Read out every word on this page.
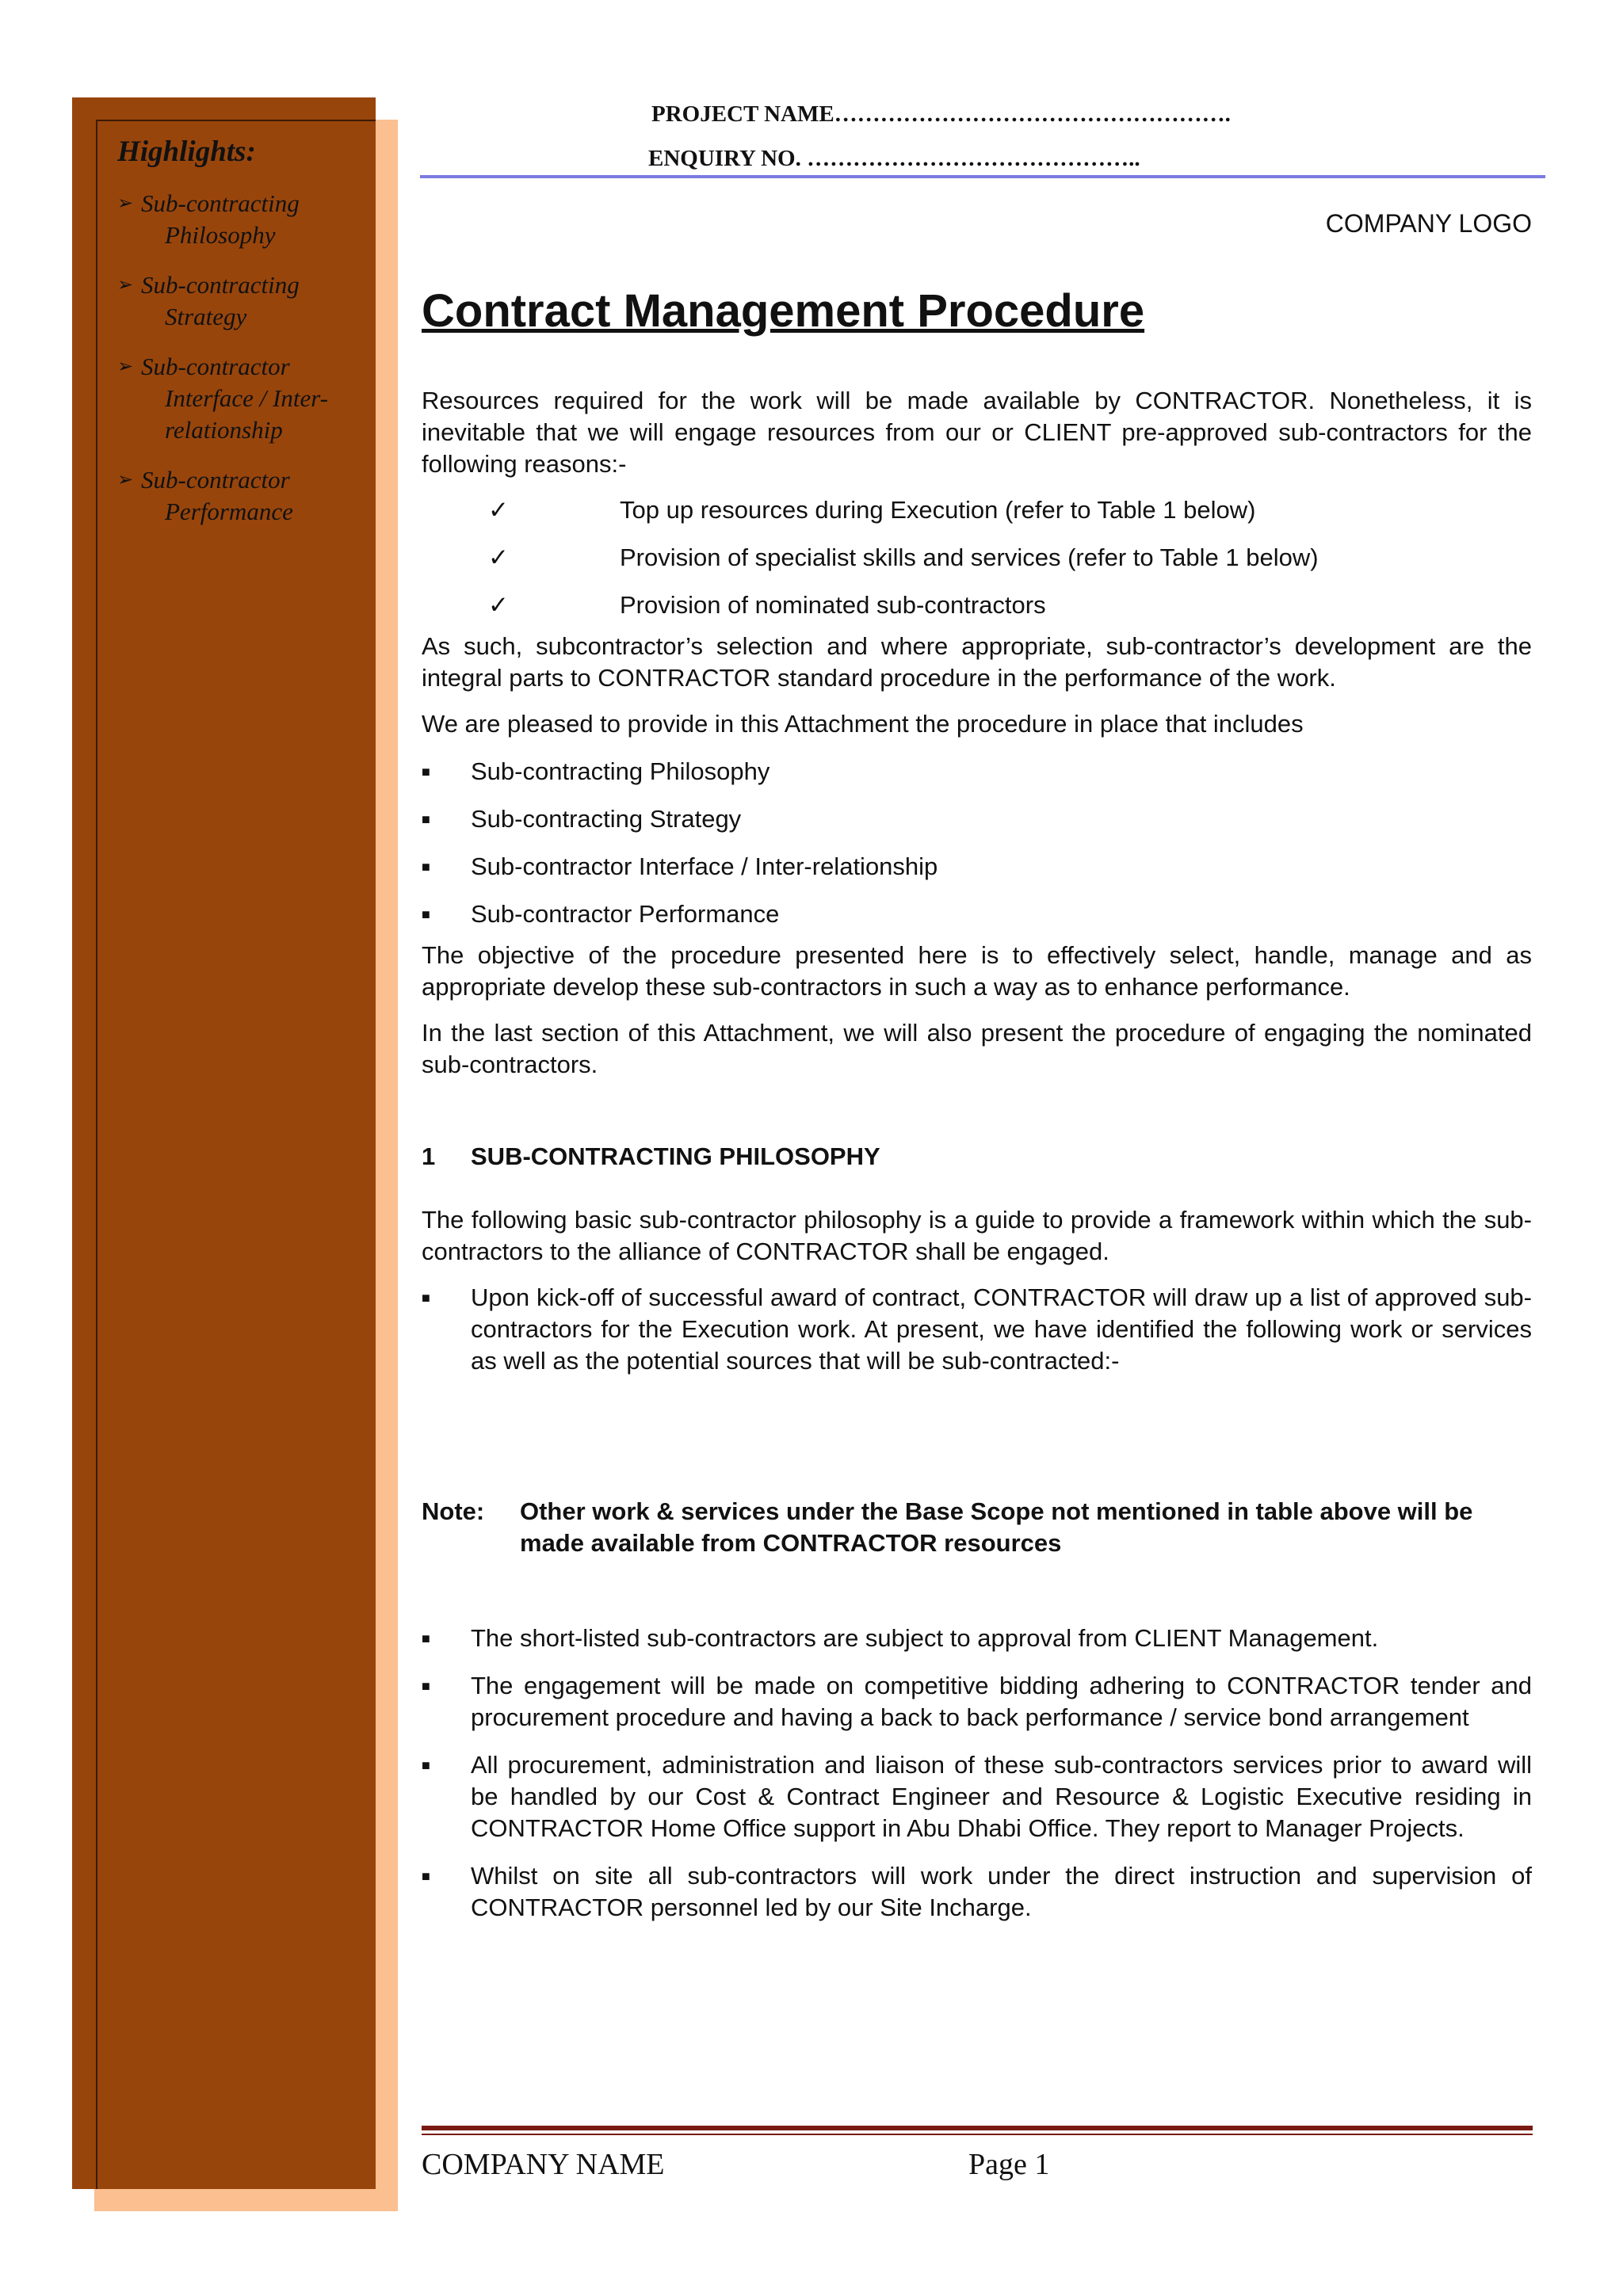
Highlights:
➢ Sub-contracting
Philosophy
➢ Sub-contracting
Strategy
➢ Sub-contractor
Interface / Inter-
relationship
➢ Sub-contractor
Performance
PROJECT NAME…………………………………………….
ENQUIRY NO. ……………………………………..
COMPANY LOGO
Contract Management Procedure

Resources required for the work will be made available by CONTRACTOR. Nonetheless, it is inevitable that we will engage resources from our or CLIENT pre-approved sub-contractors for the following reasons:-

✓	Top up resources during Execution (refer to Table 1 below)
✓	Provision of specialist skills and services (refer to Table 1 below)
✓	Provision of nominated sub-contractors

As such, subcontractor’s selection and where appropriate, sub-contractor’s development are the integral parts to CONTRACTOR standard procedure in the performance of the work.

We are pleased to provide in this Attachment the procedure in place that includes

■	Sub-contracting Philosophy
■	Sub-contracting Strategy
■	Sub-contractor Interface / Inter-relationship
■	Sub-contractor Performance

The objective of the procedure presented here is to effectively select, handle, manage and as appropriate develop these sub-contractors in such a way as to enhance performance.

In the last section of this Attachment, we will also present the procedure of engaging the nominated sub-contractors.

1	SUB-CONTRACTING PHILOSOPHY

The following basic sub-contractor philosophy is a guide to provide a framework within which the sub-contractors to the alliance of CONTRACTOR shall be engaged.

■	Upon kick-off of successful award of contract, CONTRACTOR will draw up a list of approved sub-contractors for the Execution work. At present, we have identified the following work or services as well as the potential sources that will be sub-contracted:-
Note:	Other work & services under the Base Scope not mentioned in table above will be made available from CONTRACTOR resources
■	The short-listed sub-contractors are subject to approval from CLIENT Management.
■	The engagement will be made on competitive bidding adhering to CONTRACTOR tender and procurement procedure and having a back to back performance / service bond arrangement
■	All procurement, administration and liaison of these sub-contractors services prior to award will be handled by our Cost & Contract Engineer and Resource & Logistic Executive residing in CONTRACTOR Home Office support in Abu Dhabi Office. They report to Manager Projects.
■	Whilst on site all sub-contractors will work under the direct instruction and supervision of CONTRACTOR personnel led by our Site Incharge.
COMPANY NAME	Page 1
